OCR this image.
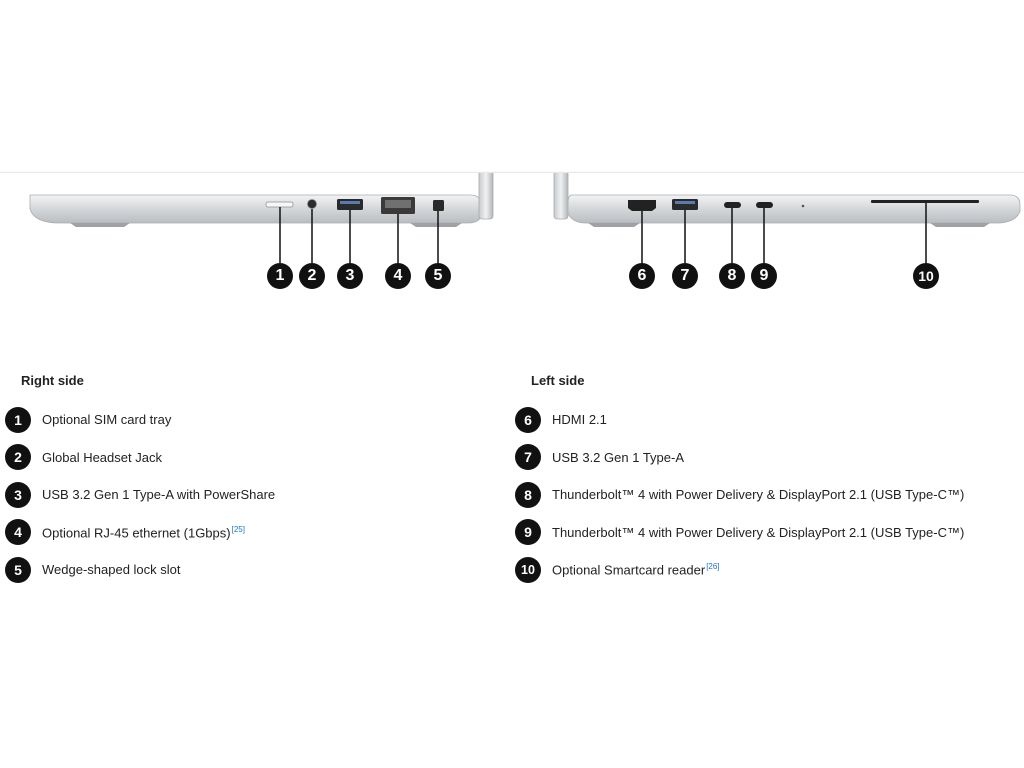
1	2	3	4	5	6	7	8	9	10
Right side
1	Optional SIM card tray
2	Global Headset Jack
3	USB 3.2 Gen 1 Type-A with PowerShare
4	Optional RJ-45 ethernet (1Gbps)[25]
5	Wedge-shaped lock slot
Left side
6	HDMI 2.1
7	USB 3.2 Gen 1 Type-A
8	Thunderbolt™ 4 with Power Delivery & DisplayPort 2.1 (USB Type-C™)
9	Thunderbolt™ 4 with Power Delivery & DisplayPort 2.1 (USB Type-C™)
10	Optional Smartcard reader[26]
